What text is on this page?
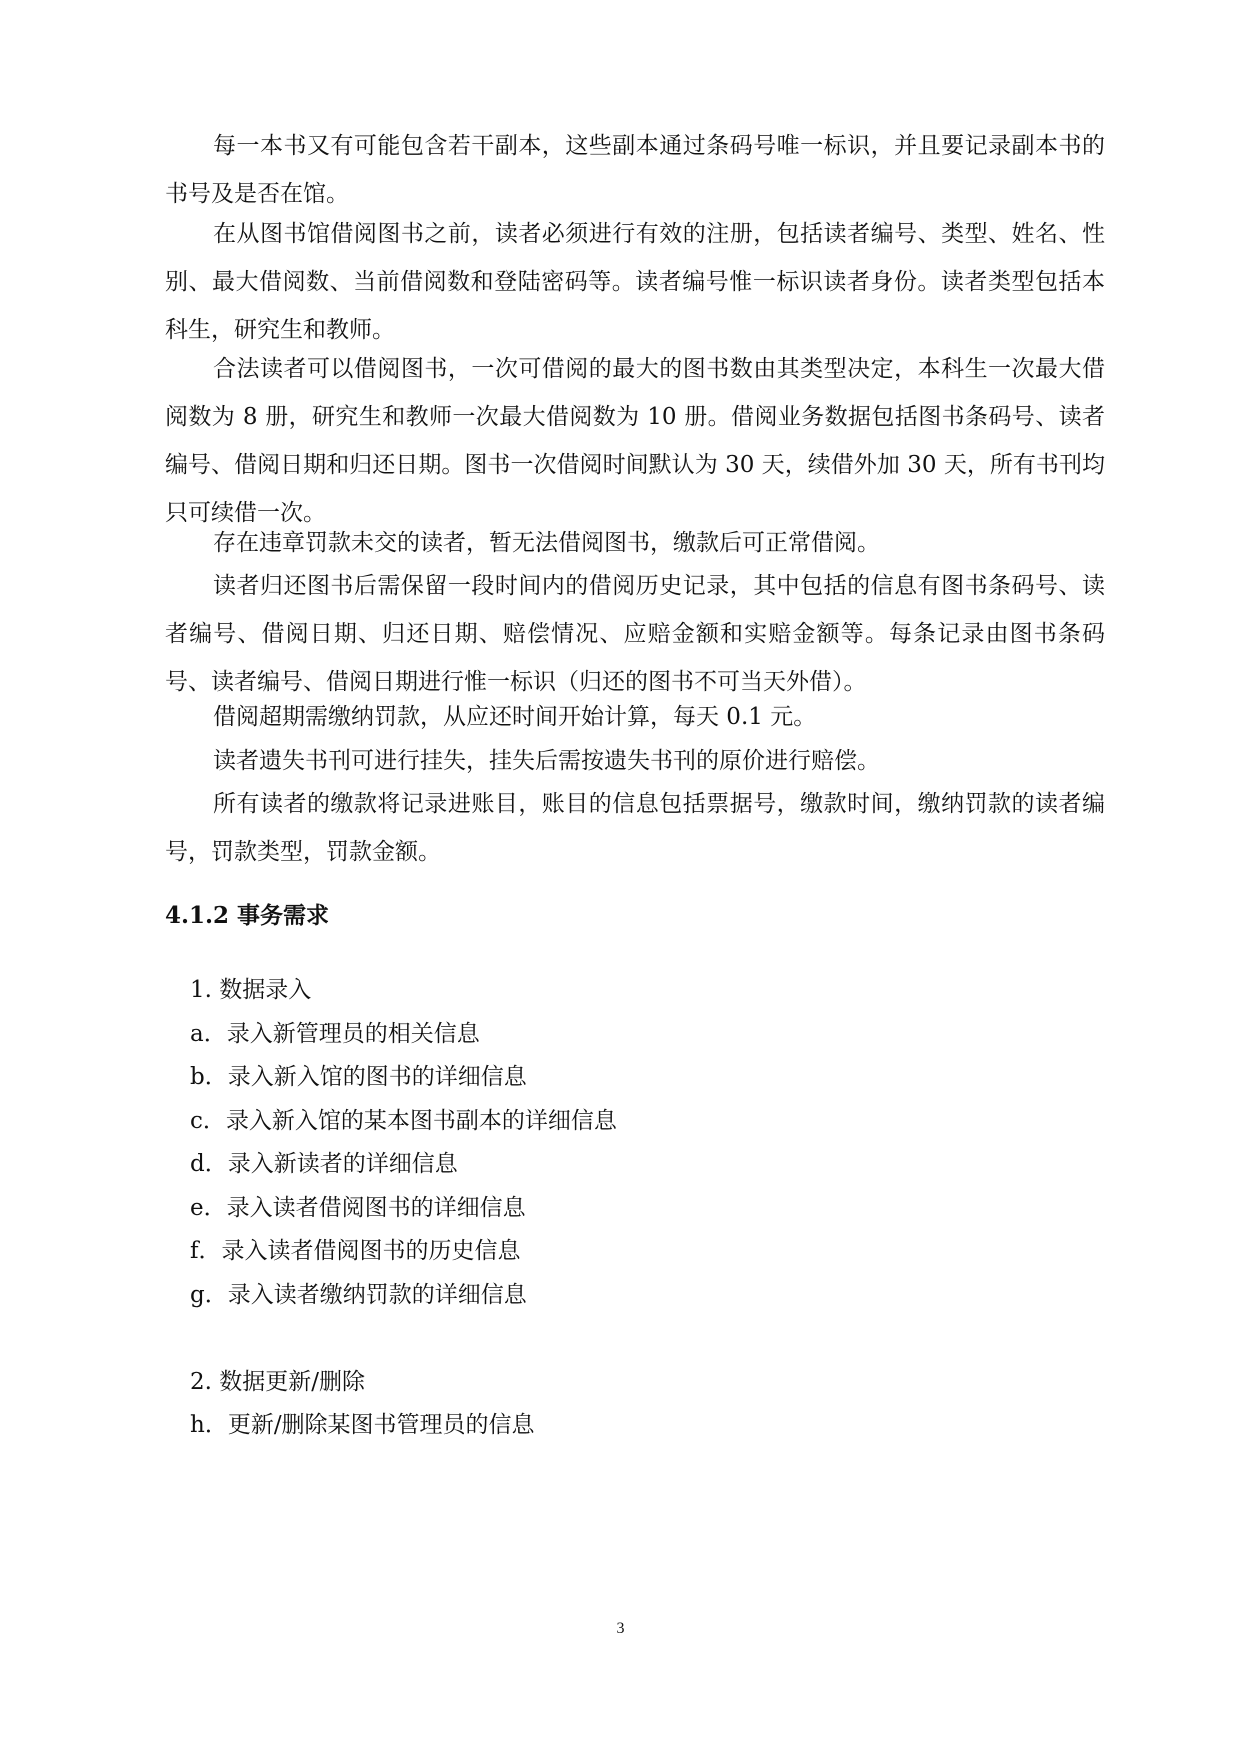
每一本书又有可能包含若干副本，这些副本通过条码号唯一标识，并且要记录副本书的书号及是否在馆。

在从图书馆借阅图书之前，读者必须进行有效的注册，包括读者编号、类型、姓名、性别、最大借阅数、当前借阅数和登陆密码等。读者编号惟一标识读者身份。读者类型包括本科生，研究生和教师。

合法读者可以借阅图书，一次可借阅的最大的图书数由其类型决定，本科生一次最大借阅数为 8 册，研究生和教师一次最大借阅数为 10 册。借阅业务数据包括图书条码号、读者编号、借阅日期和归还日期。图书一次借阅时间默认为 30 天，续借外加 30 天，所有书刊均只可续借一次。

存在违章罚款未交的读者，暂无法借阅图书，缴款后可正常借阅。

读者归还图书后需保留一段时间内的借阅历史记录，其中包括的信息有图书条码号、读者编号、借阅日期、归还日期、赔偿情况、应赔金额和实赔金额等。每条记录由图书条码号、读者编号、借阅日期进行惟一标识（归还的图书不可当天外借）。

借阅超期需缴纳罚款，从应还时间开始计算，每天 0.1 元。

读者遗失书刊可进行挂失，挂失后需按遗失书刊的原价进行赔偿。

所有读者的缴款将记录进账目，账目的信息包括票据号，缴款时间，缴纳罚款的读者编号，罚款类型，罚款金额。

4.1.2 事务需求

1. 数据录入

a．录入新管理员的相关信息

b．录入新入馆的图书的详细信息

c．录入新入馆的某本图书副本的详细信息

d．录入新读者的详细信息

e．录入读者借阅图书的详细信息

f．录入读者借阅图书的历史信息

g．录入读者缴纳罚款的详细信息

2. 数据更新/删除

h．更新/删除某图书管理员的信息

3
